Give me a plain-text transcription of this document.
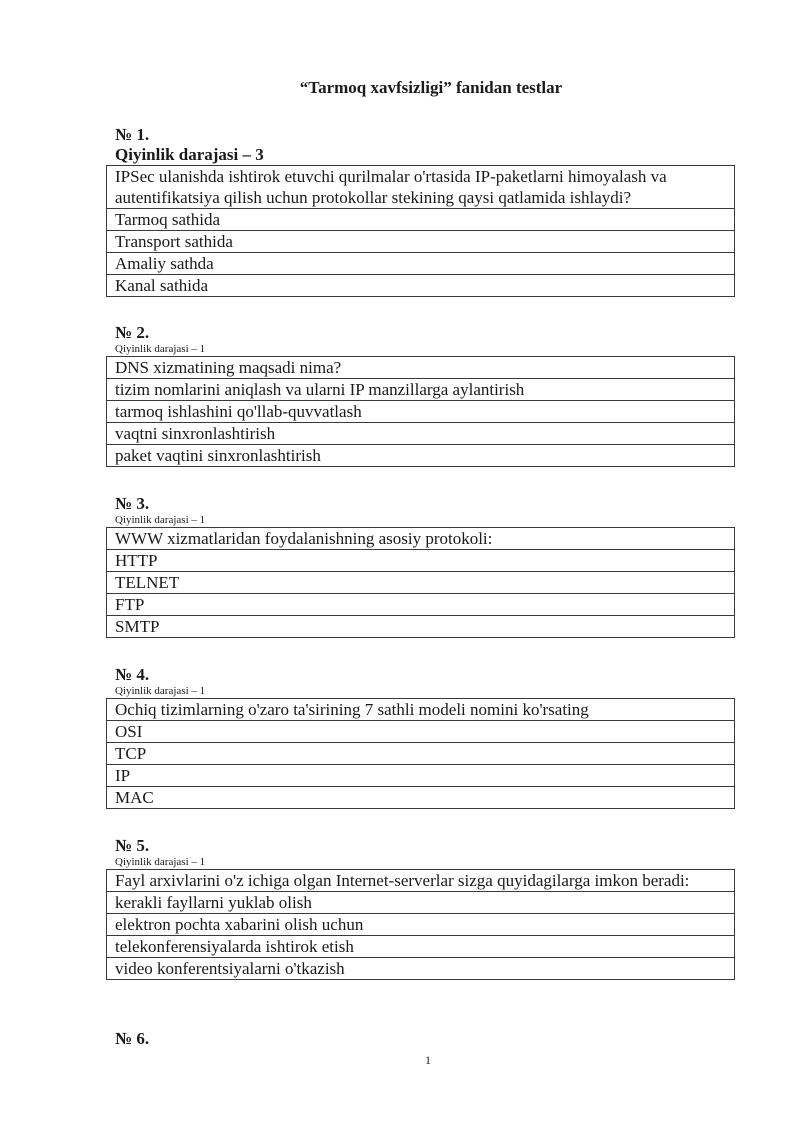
“Tarmoq xavfsizligi” fanidan testlar
№ 1.
Qiyinlik darajasi – 3
IPSec ulanishda ishtirok etuvchi qurilmalar o'rtasida IP-paketlarni himoyalash va autentifikatsiya qilish uchun protokollar stekining qaysi qatlamida ishlaydi?
Tarmoq sathida
Transport sathida
Amaliy sathda
Kanal sathida
№ 2.
Qiyinlik darajasi – 1
DNS xizmatining maqsadi nima?
tizim nomlarini aniqlash va ularni IP manzillarga aylantirish
tarmoq ishlashini qo'llab-quvvatlash
vaqtni sinxronlashtirish
paket vaqtini sinxronlashtirish
№ 3.
Qiyinlik darajasi – 1
WWW xizmatlaridan foydalanishning asosiy protokoli:
HTTP
TELNET
FTP
SMTP
№ 4.
Qiyinlik darajasi – 1
Ochiq tizimlarning o'zaro ta'sirining 7 sathli modeli nomini ko'rsating
OSI
TCP
IP
MAC
№ 5.
Qiyinlik darajasi – 1
Fayl arxivlarini o'z ichiga olgan Internet-serverlar sizga quyidagilarga imkon beradi:
kerakli fayllarni yuklab olish
elektron pochta xabarini olish uchun
telekonferensiyalarda ishtirok etish
video konferentsiyalarni o'tkazish
№ 6.
1
